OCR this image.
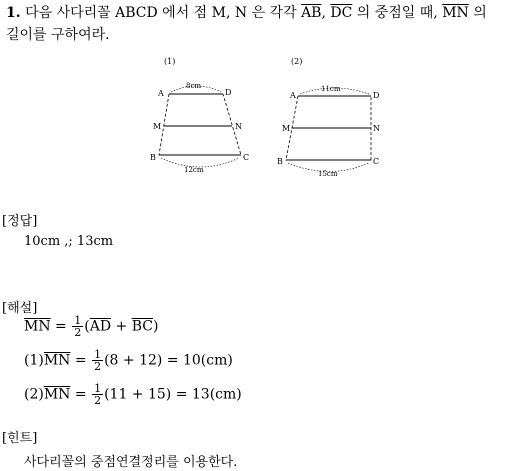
1. 다음 사다리꼴 ABCD 에서 점 M, N 은 각각 $\overline{AB}$, $\overline{DC}$ 의 중점일 때, $\overline{MN}$ 의
길이를 구하여라.
(1)
A	D
M	N
B	C
8cm
12cm
(2)
A	D
M	N
B	C
11cm
15cm
[정답]
10cm ,; 13cm
[해설]
$\overline{MN} = \frac{1}{2} (\overline{AD} + \overline{BC})$
$(1)\overline{MN} = \frac{1}{2} (8 + 12) = 10(cm)$
$(2)\overline{MN} = \frac{1}{2} (11 + 15) = 13(cm)$
[힌트]
사다리꼴의 중점연결정리를 이용한다.
